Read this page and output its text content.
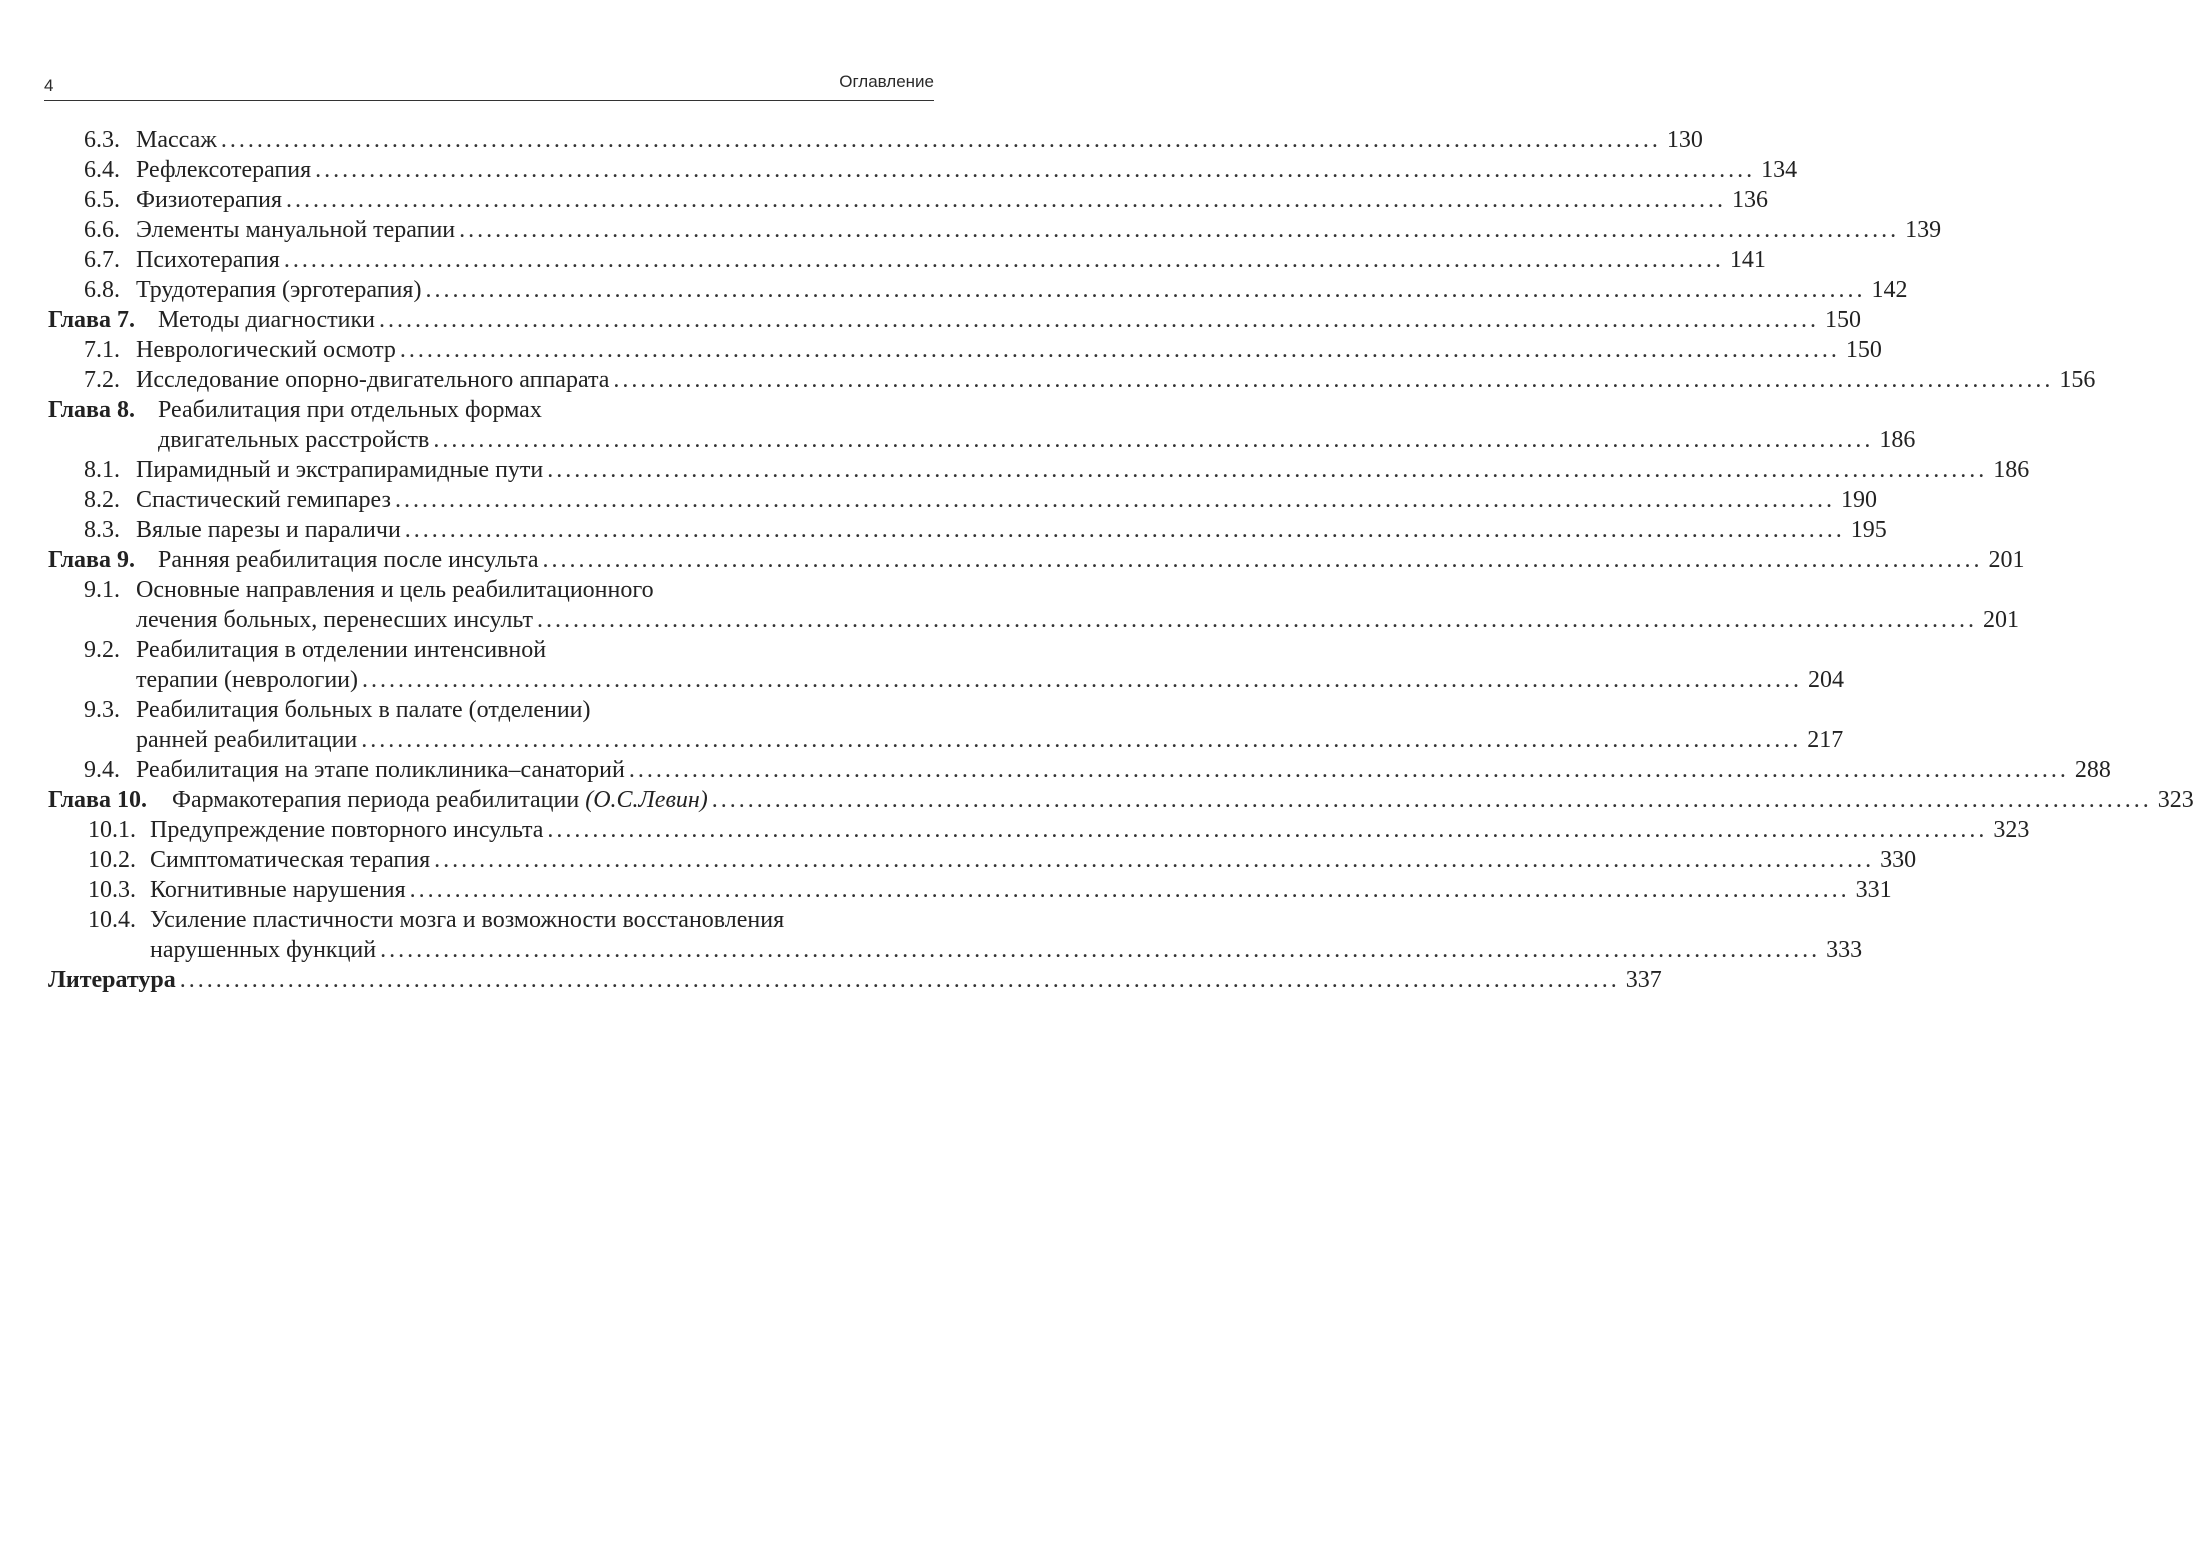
4	Оглавление
6.3. Массаж ................................................................................................................................................................ 130
6.4. Рефлексотерапия ................................................................................................................................................................ 134
6.5. Физиотерапия ................................................................................................................................................................ 136
6.6. Элементы мануальной терапии ................................................................................................................................................................ 139
6.7. Психотерапия ................................................................................................................................................................ 141
6.8. Трудотерапия (эрготерапия) ................................................................................................................................................................ 142
Глава 7. Методы диагностики ................................................................................................................................................................ 150
7.1. Неврологический осмотр ................................................................................................................................................................ 150
7.2. Исследование опорно-двигательного аппарата ................................................................................................................................................................ 156
Глава 8. Реабилитация при отдельных формах
двигательных расстройств ................................................................................................................................................................ 186
8.1. Пирамидный и экстрапирамидные пути ................................................................................................................................................................ 186
8.2. Спастический гемипарез ................................................................................................................................................................ 190
8.3. Вялые парезы и параличи ................................................................................................................................................................ 195
Глава 9. Ранняя реабилитация после инсульта ................................................................................................................................................................ 201
9.1. Основные направления и цель реабилитационного
лечения больных, перенесших инсульт ................................................................................................................................................................ 201
9.2. Реабилитация в отделении интенсивной
терапии (неврологии) ................................................................................................................................................................ 204
9.3. Реабилитация больных в палате (отделении)
ранней реабилитации ................................................................................................................................................................ 217
9.4. Реабилитация на этапе поликлиника–санаторий ................................................................................................................................................................ 288
Глава 10. Фармакотерапия периода реабилитации (О.С.Левин) ................................................................................................................................................................ 323
10.1. Предупреждение повторного инсульта ................................................................................................................................................................ 323
10.2. Симптоматическая терапия ................................................................................................................................................................ 330
10.3. Когнитивные нарушения ................................................................................................................................................................ 331
10.4. Усиление пластичности мозга и возможности восстановления
нарушенных функций ................................................................................................................................................................ 333
Литература ................................................................................................................................................................ 337
